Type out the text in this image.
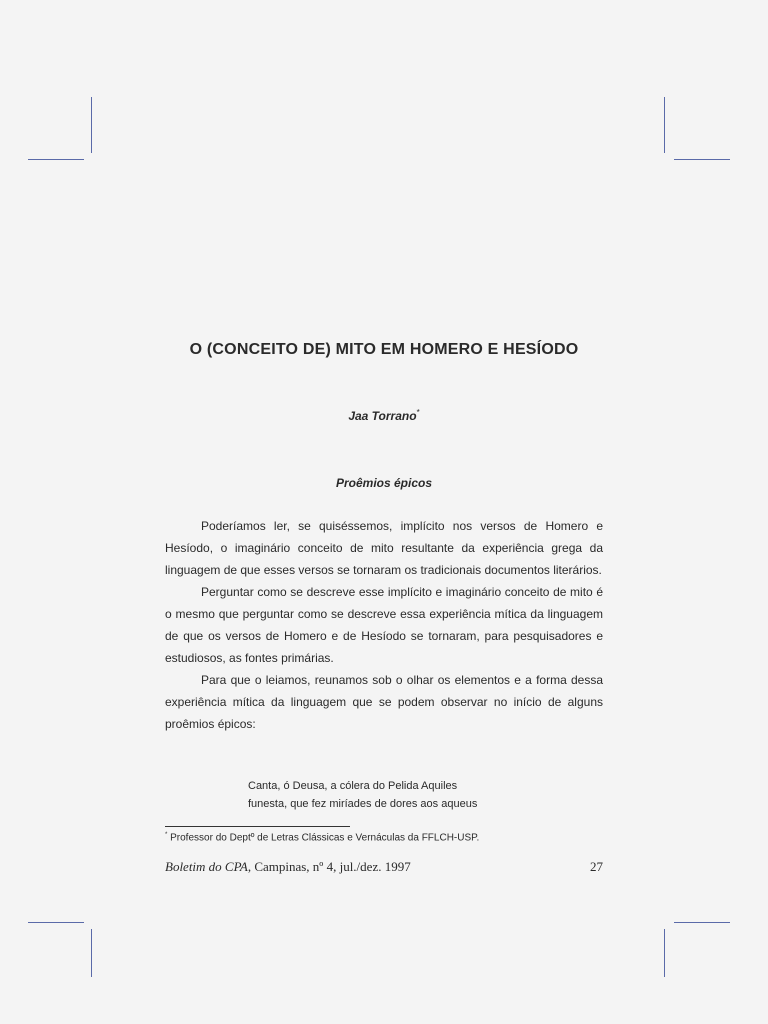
O (CONCEITO DE) MITO EM HOMERO E HESÍODO
Jaa Torrano*
Proêmios épicos

Poderíamos ler, se quiséssemos, implícito nos versos de Homero e Hesíodo, o imaginário conceito de mito resultante da experiência grega da linguagem de que esses versos se tornaram os tradicionais documentos literários.

Perguntar como se descreve esse implícito e imaginário conceito de mito é o mesmo que perguntar como se descreve essa experiência mítica da linguagem de que os versos de Homero e de Hesíodo se tornaram, para pesquisadores e estudiosos, as fontes primárias.

Para que o leiamos, reunamos sob o olhar os elementos e a forma dessa experiência mítica da linguagem que se podem observar no início de alguns proêmios épicos:

Canta, ó Deusa, a cólera do Pelida Aquiles
funesta, que fez miríades de dores aos aqueus
* Professor do Deptº de Letras Clássicas e Vernáculas da FFLCH-USP.
Boletim do CPA, Campinas, nº 4, jul./dez. 1997	27
